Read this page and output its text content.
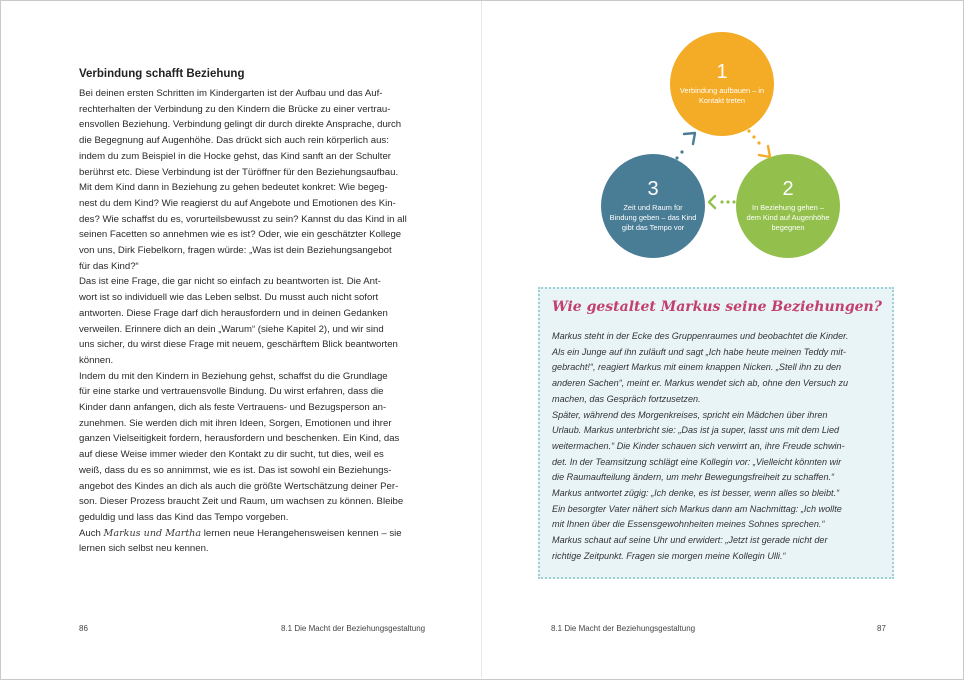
Verbindung schafft Beziehung

Bei deinen ersten Schritten im Kindergarten ist der Aufbau und das Auf-

rechterhalten der Verbindung zu den Kindern die Brücke zu einer vertrau-

ensvollen Beziehung. Verbindung gelingt dir durch direkte Ansprache, durch

die Begegnung auf Augenhöhe. Das drückt sich auch rein körperlich aus:

indem du zum Beispiel in die Hocke gehst, das Kind sanft an der Schulter

berührst etc. Diese Verbindung ist der Türöffner für den Beziehungsaufbau.

Mit dem Kind dann in Beziehung zu gehen bedeutet konkret: Wie begeg-

nest du dem Kind? Wie reagierst du auf Angebote und Emotionen des Kin-

des? Wie schaffst du es, vorurteilsbewusst zu sein? Kannst du das Kind in all

seinen Facetten so annehmen wie es ist? Oder, wie ein geschätzter Kollege

von uns, Dirk Fiebelkorn, fragen würde: „Was ist dein Beziehungsangebot

für das Kind?“

Das ist eine Frage, die gar nicht so einfach zu beantworten ist. Die Ant-

wort ist so individuell wie das Leben selbst. Du musst auch nicht sofort

antworten. Diese Frage darf dich herausfordern und in deinen Gedanken

verweilen. Erinnere dich an dein „Warum“ (siehe Kapitel 2), und wir sind

uns sicher, du wirst diese Frage mit neuem, geschärftem Blick beantworten

können.

Indem du mit den Kindern in Beziehung gehst, schaffst du die Grundlage

für eine starke und vertrauensvolle Bindung. Du wirst erfahren, dass die

Kinder dann anfangen, dich als feste Vertrauens- und Bezugsperson an-

zunehmen. Sie werden dich mit ihren Ideen, Sorgen, Emotionen und ihrer

ganzen Vielseitigkeit fordern, herausfordern und beschenken. Ein Kind, das

auf diese Weise immer wieder den Kontakt zu dir sucht, tut dies, weil es

weiß, dass du es so annimmst, wie es ist. Das ist sowohl ein Beziehungs-

angebot des Kindes an dich als auch die größte Wertschätzung deiner Per-

son. Dieser Prozess braucht Zeit und Raum, um wachsen zu können. Bleibe

geduldig und lass das Kind das Tempo vorgeben.

Auch Markus und Martha lernen neue Herangehensweisen kennen – sie

lernen sich selbst neu kennen.

86	8.1 Die Macht der Beziehungsgestaltung
1
Verbindung aufbauen – in Kontakt treten
2
In Beziehung gehen – dem Kind auf Augenhöhe begegnen
3
Zeit und Raum für Bindung geben – das Kind gibt das Tempo vor
Wie gestaltet Markus seine Beziehungen?

Markus steht in der Ecke des Gruppenraumes und beobachtet die Kinder.

Als ein Junge auf ihn zuläuft und sagt „Ich habe heute meinen Teddy mit-

gebracht!“, reagiert Markus mit einem knappen Nicken. „Stell ihn zu den

anderen Sachen“, meint er. Markus wendet sich ab, ohne den Versuch zu

machen, das Gespräch fortzusetzen.

Später, während des Morgenkreises, spricht ein Mädchen über ihren

Urlaub. Markus unterbricht sie: „Das ist ja super, lasst uns mit dem Lied

weitermachen.“ Die Kinder schauen sich verwirrt an, ihre Freude schwin-

det. In der Teamsitzung schlägt eine Kollegin vor: „Vielleicht könnten wir

die Raumaufteilung ändern, um mehr Bewegungsfreiheit zu schaffen.“

Markus antwortet zügig: „Ich denke, es ist besser, wenn alles so bleibt.“

Ein besorgter Vater nähert sich Markus dann am Nachmittag: „Ich wollte

mit Ihnen über die Essensgewohnheiten meines Sohnes sprechen.“

Markus schaut auf seine Uhr und erwidert: „Jetzt ist gerade nicht der

richtige Zeitpunkt. Fragen sie morgen meine Kollegin Ulli.“

8.1 Die Macht der Beziehungsgestaltung	87
